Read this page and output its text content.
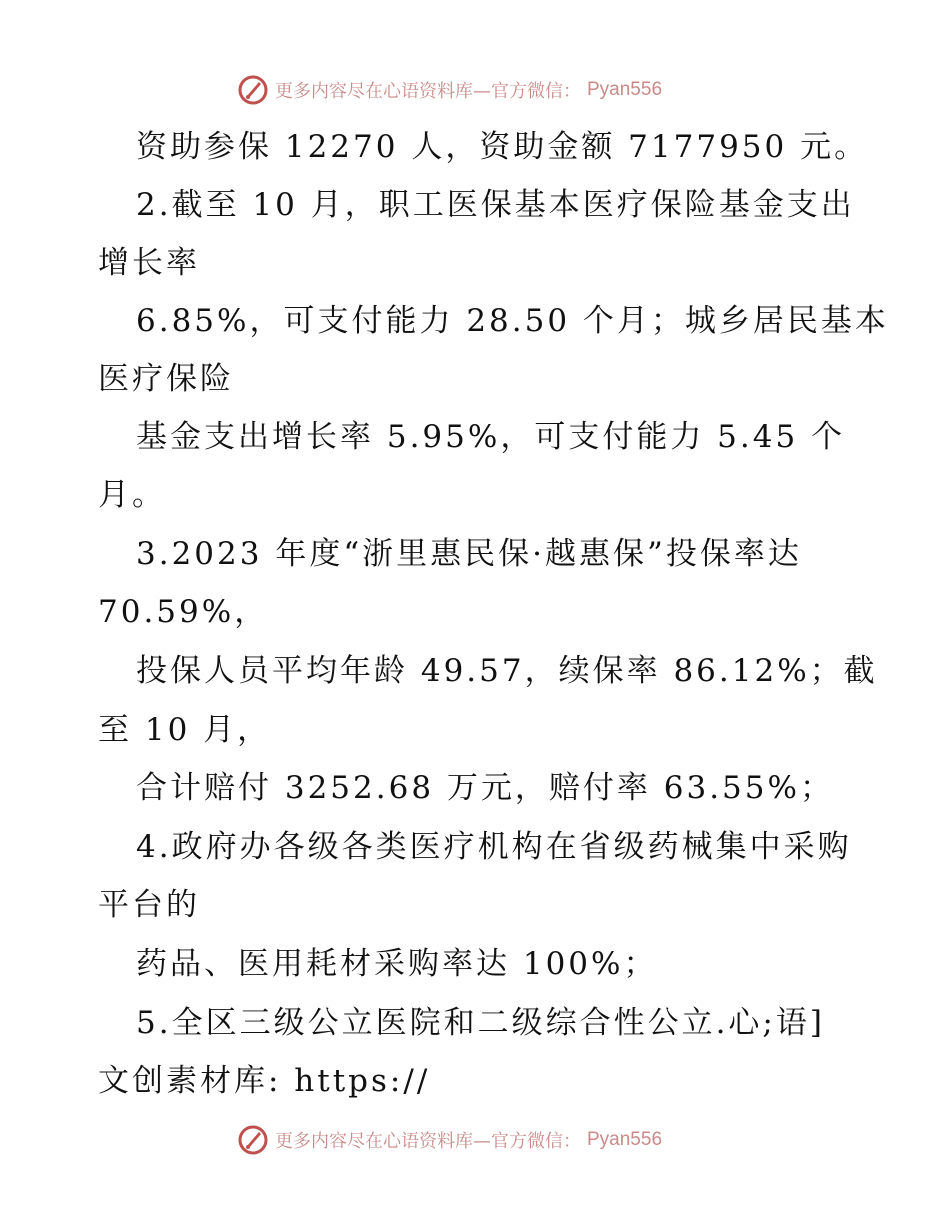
更多内容尽在心语资料库—官方微信： Pyan556
资助参保 12270 人，资助金额 7177950 元。
2.截至 10 月，职工医保基本医疗保险基金支出
增长率
6.85%，可支付能力 28.50 个月；城乡居民基本
医疗保险
基金支出增长率 5.95%，可支付能力 5.45 个
月。
3.2023 年度“浙里惠民保·越惠保”投保率达
70.59%，
投保人员平均年龄 49.57，续保率 86.12%；截
至 10 月，
合计赔付 3252.68 万元，赔付率 63.55%；
4.政府办各级各类医疗机构在省级药械集中采购
平台的
药品、医用耗材采购率达 100%；
5.全区三级公立医院和二级综合性公立.心;语]
文创素材库: https://
更多内容尽在心语资料库—官方微信： Pyan556
